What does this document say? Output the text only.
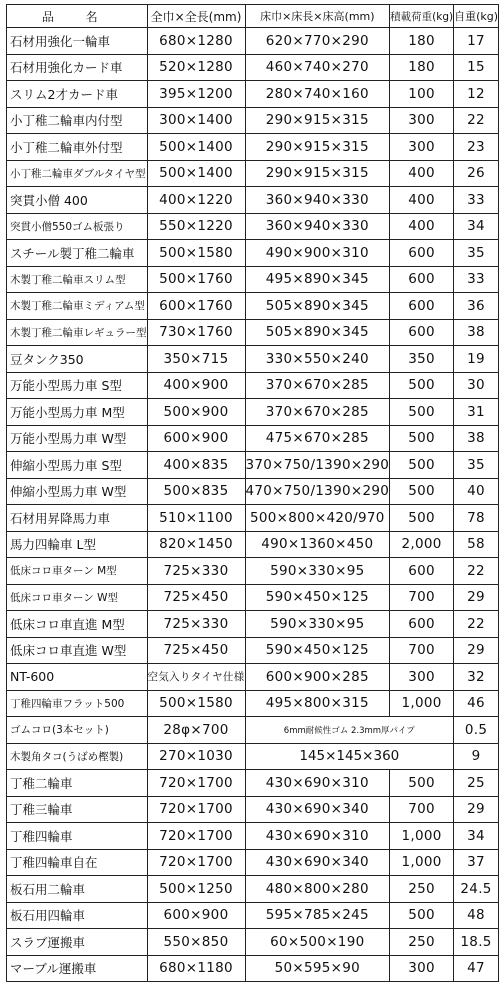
品 名	全巾×全長(mm)	床巾×床長×床高(mm)	積載荷重(kg)	自重(kg)
石材用強化一輪車	680×1280	620×770×290	180	17
石材用強化カード車	520×1280	460×740×270	180	15
スリム2才カード車	395×1200	280×740×160	100	12
小丁稚二輪車内付型	300×1400	290×915×315	300	22
小丁稚二輪車外付型	500×1400	290×915×315	300	23
小丁稚二輪車ダブルタイヤ型	500×1400	290×915×315	400	26
突貫小僧 400	400×1220	360×940×330	400	33
突貫小僧550ゴム板張り	550×1220	360×940×330	400	34
スチール製丁稚二輪車	500×1580	490×900×310	600	35
木製丁稚二輪車スリム型	500×1760	495×890×345	600	33
木製丁稚二輪車ミディアム型	600×1760	505×890×345	600	36
木製丁稚二輪車レギュラー型	730×1760	505×890×345	600	38
豆タンク350	350×715	330×550×240	350	19
万能小型馬力車 S型	400×900	370×670×285	500	30
万能小型馬力車 M型	500×900	370×670×285	500	31
万能小型馬力車 W型	600×900	475×670×285	500	38
伸縮小型馬力車 S型	400×835	370×750/1390×290	500	35
伸縮小型馬力車 W型	500×835	470×750/1390×290	500	40
石材用昇降馬力車	510×1100	500×800×420/970	500	78
馬力四輪車 L型	820×1450	490×1360×450	2,000	58
低床コロ車ターン M型	725×330	590×330×95	600	22
低床コロ車ターン W型	725×450	590×450×125	700	29
低床コロ車直進 M型	725×330	590×330×95	600	22
低床コロ車直進 W型	725×450	590×450×125	700	29
NT-600	空気入りタイヤ仕様	600×900×285	300	32
丁稚四輪車フラット500	500×1580	495×800×315	1,000	46
ゴムコロ(3本セット)	28φ×700	6mm耐候性ゴム 2.3mm厚パイプ		0.5
木製角タコ(うばめ樫製)	270×1030	145×145×360		9
丁稚二輪車	720×1700	430×690×310	500	25
丁稚三輪車	720×1700	430×690×340	700	29
丁稚四輪車	720×1700	430×690×310	1,000	34
丁稚四輪車自在	720×1700	430×690×340	1,000	37
板石用二輪車	500×1250	480×800×280	250	24.5
板石用四輪車	600×900	595×785×245	500	48
スラブ運搬車	550×850	60×500×190	250	18.5
マーブル運搬車	680×1180	50×595×90	300	47
